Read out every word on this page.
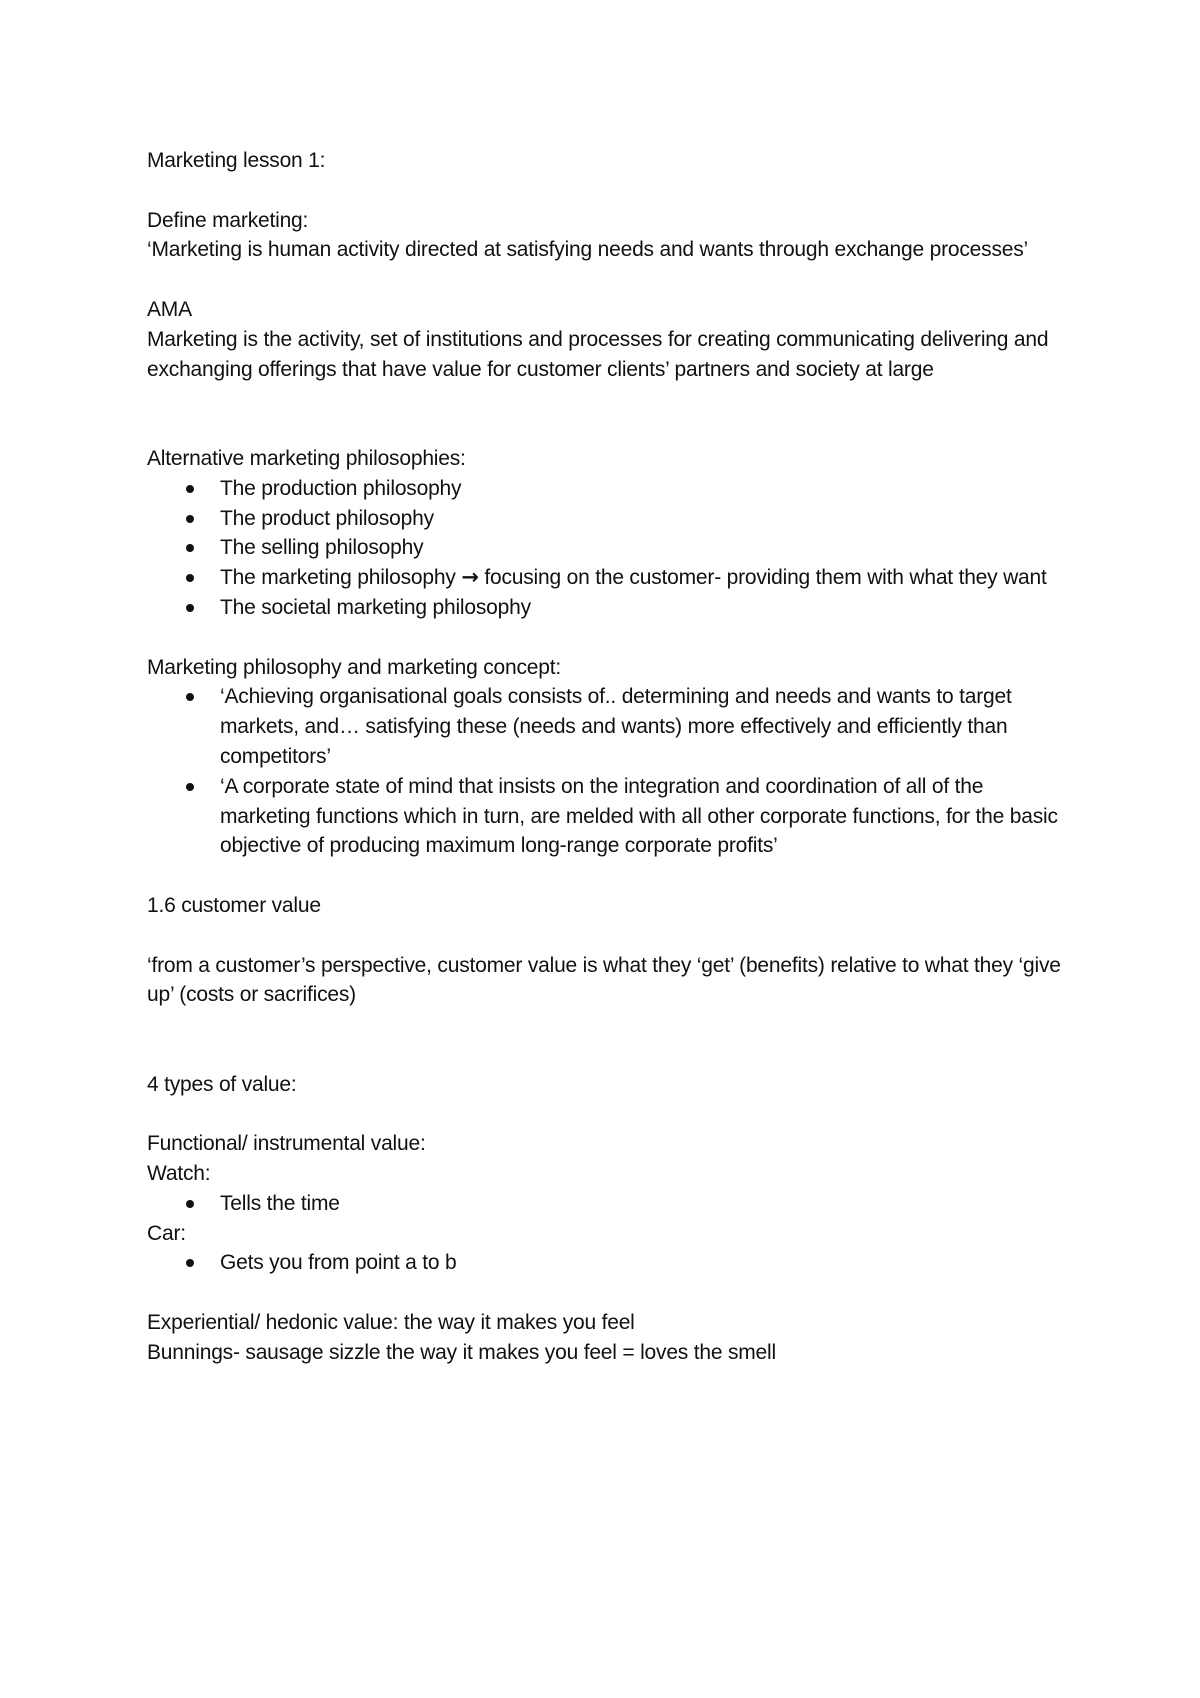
Marketing lesson 1:
Define marketing:
‘Marketing is human activity directed at satisfying needs and wants through exchange processes’
AMA
Marketing is the activity, set of institutions and processes for creating communicating delivering and exchanging offerings that have value for customer clients’ partners and society at large
Alternative marketing philosophies:
The production philosophy
The product philosophy
The selling philosophy
The marketing philosophy → focusing on the customer- providing them with what they want
The societal marketing philosophy
Marketing philosophy and marketing concept:
‘Achieving organisational goals consists of.. determining and needs and wants to target markets, and… satisfying these (needs and wants) more effectively and efficiently than competitors’
‘A corporate state of mind that insists on the integration and coordination of all of the marketing functions which in turn, are melded with all other corporate functions, for the basic objective of producing maximum long-range corporate profits’
1.6 customer value
‘from a customer’s perspective, customer value is what they ‘get’ (benefits) relative to what they ‘give up’ (costs or sacrifices)
4 types of value:
Functional/ instrumental value:
Watch:
Tells the time
Car:
Gets you from point a to b
Experiential/ hedonic value: the way it makes you feel
Bunnings- sausage sizzle the way it makes you feel = loves the smell
